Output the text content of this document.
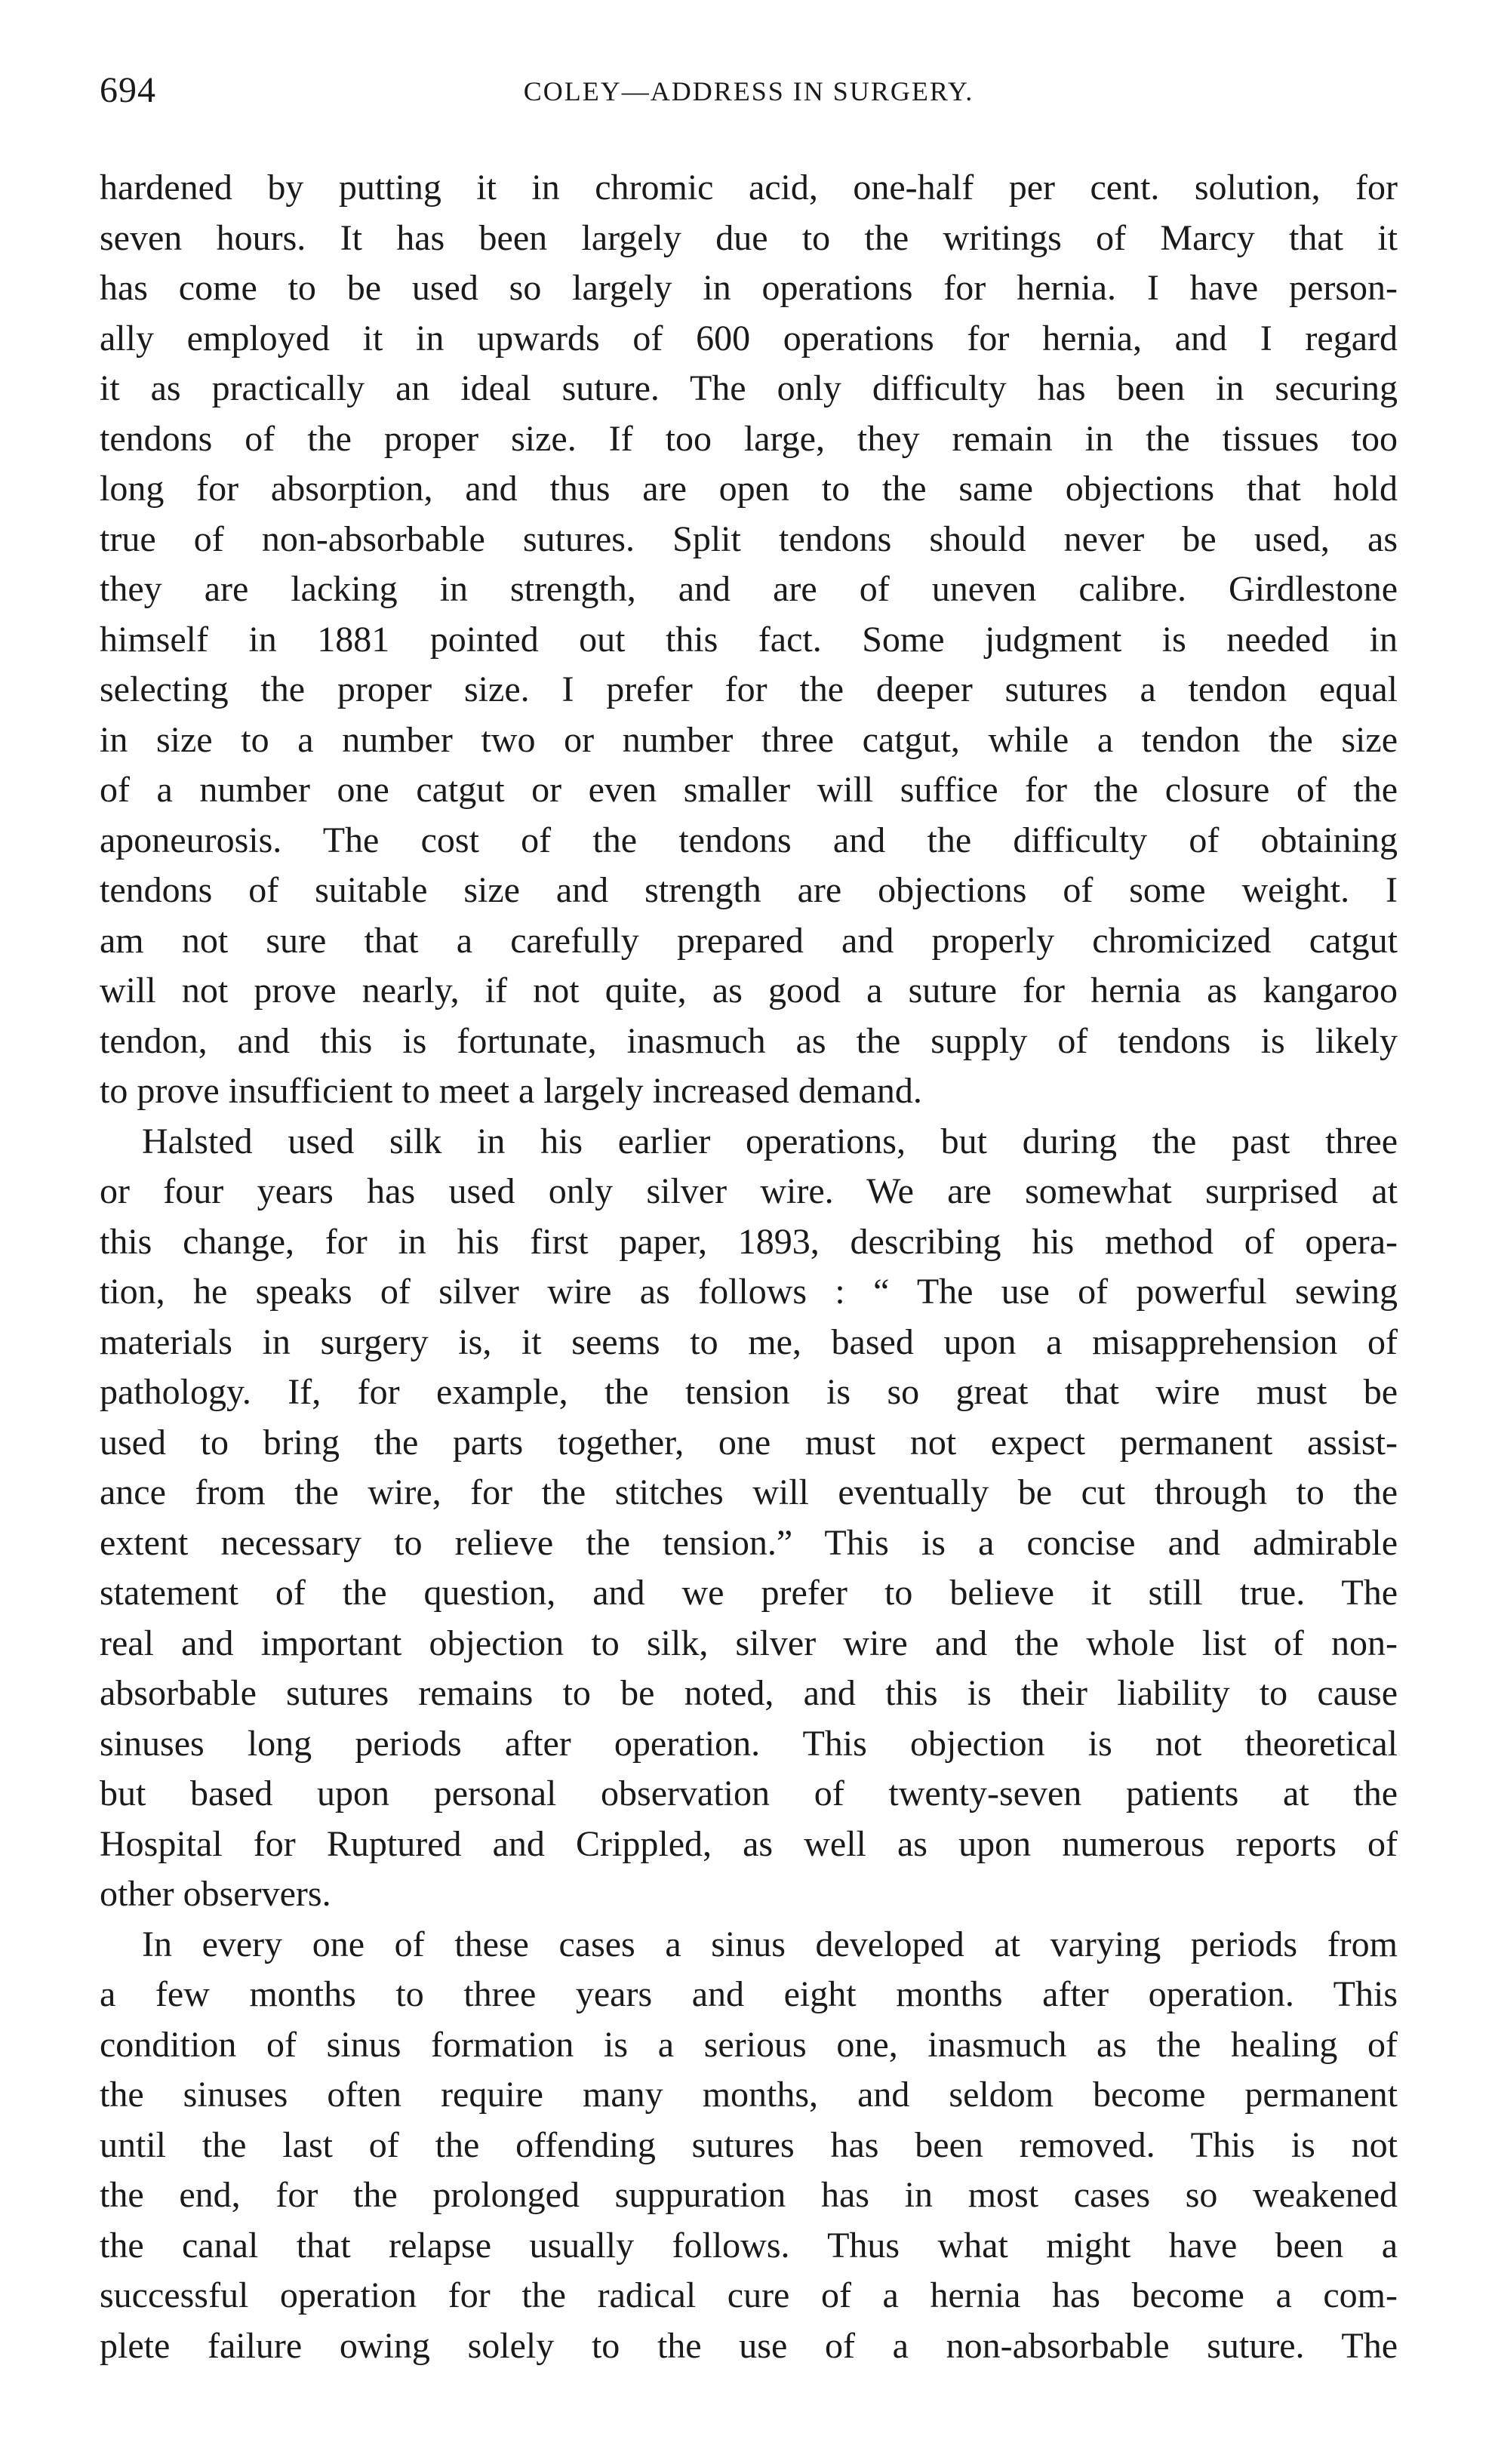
694	COLEY—ADDRESS IN SURGERY.
hardened by putting it in chromic acid, one-half per cent. solution, for
seven hours. It has been largely due to the writings of Marcy that it
has come to be used so largely in operations for hernia. I have person-
ally employed it in upwards of 600 operations for hernia, and I regard
it as practically an ideal suture. The only difficulty has been in securing
tendons of the proper size. If too large, they remain in the tissues too
long for absorption, and thus are open to the same objections that hold
true of non-absorbable sutures. Split tendons should never be used, as
they are lacking in strength, and are of uneven calibre. Girdlestone
himself in 1881 pointed out this fact. Some judgment is needed in
selecting the proper size. I prefer for the deeper sutures a tendon equal
in size to a number two or number three catgut, while a tendon the size
of a number one catgut or even smaller will suffice for the closure of the
aponeurosis. The cost of the tendons and the difficulty of obtaining
tendons of suitable size and strength are objections of some weight. I
am not sure that a carefully prepared and properly chromicized catgut
will not prove nearly, if not quite, as good a suture for hernia as kangaroo
tendon, and this is fortunate, inasmuch as the supply of tendons is likely
to prove insufficient to meet a largely increased demand.
Halsted used silk in his earlier operations, but during the past three
or four years has used only silver wire. We are somewhat surprised at
this change, for in his first paper, 1893, describing his method of opera-
tion, he speaks of silver wire as follows : “ The use of powerful sewing
materials in surgery is, it seems to me, based upon a misapprehension of
pathology. If, for example, the tension is so great that wire must be
used to bring the parts together, one must not expect permanent assist-
ance from the wire, for the stitches will eventually be cut through to the
extent necessary to relieve the tension.” This is a concise and admirable
statement of the question, and we prefer to believe it still true. The
real and important objection to silk, silver wire and the whole list of non-
absorbable sutures remains to be noted, and this is their liability to cause
sinuses long periods after operation. This objection is not theoretical
but based upon personal observation of twenty-seven patients at the
Hospital for Ruptured and Crippled, as well as upon numerous reports of
other observers.
In every one of these cases a sinus developed at varying periods from
a few months to three years and eight months after operation. This
condition of sinus formation is a serious one, inasmuch as the healing of
the sinuses often require many months, and seldom become permanent
until the last of the offending sutures has been removed. This is not
the end, for the prolonged suppuration has in most cases so weakened
the canal that relapse usually follows. Thus what might have been a
successful operation for the radical cure of a hernia has become a com-
plete failure owing solely to the use of a non-absorbable suture. The
